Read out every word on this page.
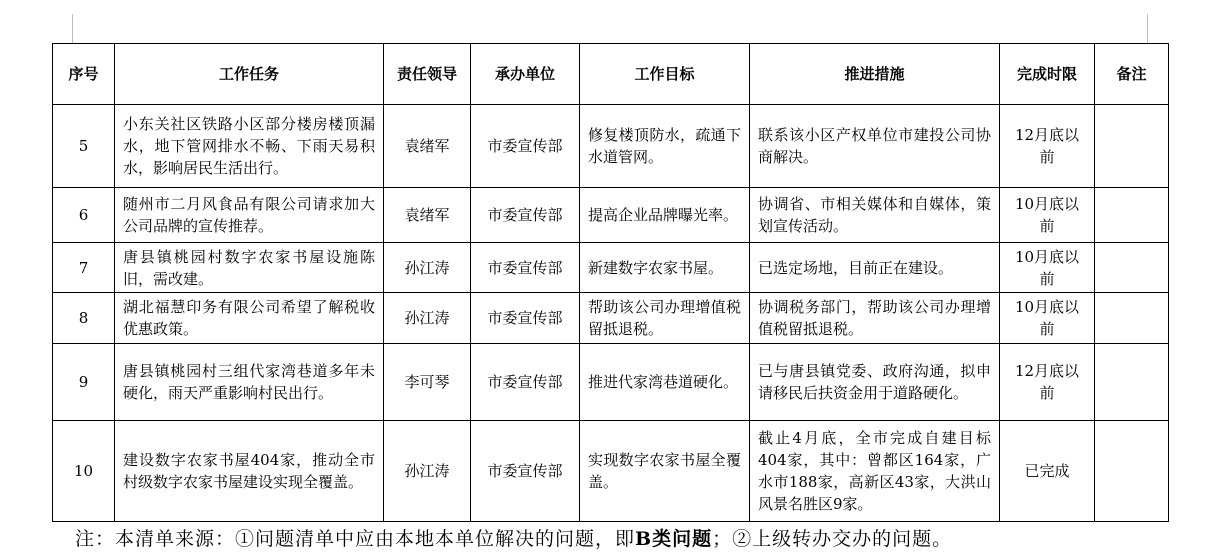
序号	工作任务	责任领导	承办单位	工作目标	推进措施	完成时限	备注
5	小东关社区铁路小区部分楼房楼顶漏水，地下管网排水不畅、下雨天易积水，影响居民生活出行。	袁绪军	市委宣传部	修复楼顶防水，疏通下水道管网。	联系该小区产权单位市建投公司协商解决。	12月底以前	
6	随州市二月风食品有限公司请求加大公司品牌的宣传推荐。	袁绪军	市委宣传部	提高企业品牌曝光率。	协调省、市相关媒体和自媒体，策划宣传活动。	10月底以前	
7	唐县镇桃园村数字农家书屋设施陈旧，需改建。	孙江涛	市委宣传部	新建数字农家书屋。	已选定场地，目前正在建设。	10月底以前	
8	湖北福慧印务有限公司希望了解税收优惠政策。	孙江涛	市委宣传部	帮助该公司办理增值税留抵退税。	协调税务部门，帮助该公司办理增值税留抵退税。	10月底以前	
9	唐县镇桃园村三组代家湾巷道多年未硬化，雨天严重影响村民出行。	李可琴	市委宣传部	推进代家湾巷道硬化。	已与唐县镇党委、政府沟通，拟申请移民后扶资金用于道路硬化。	12月底以前	
10	建设数字农家书屋404家，推动全市村级数字农家书屋建设实现全覆盖。	孙江涛	市委宣传部	实现数字农家书屋全覆盖。	截止4月底，全市完成自建目标404家，其中：曾都区164家，广水市188家，高新区43家，大洪山风景名胜区9家。	已完成	
注：本清单来源：①问题清单中应由本地本单位解决的问题，即B类问题；②上级转办交办的问题。
